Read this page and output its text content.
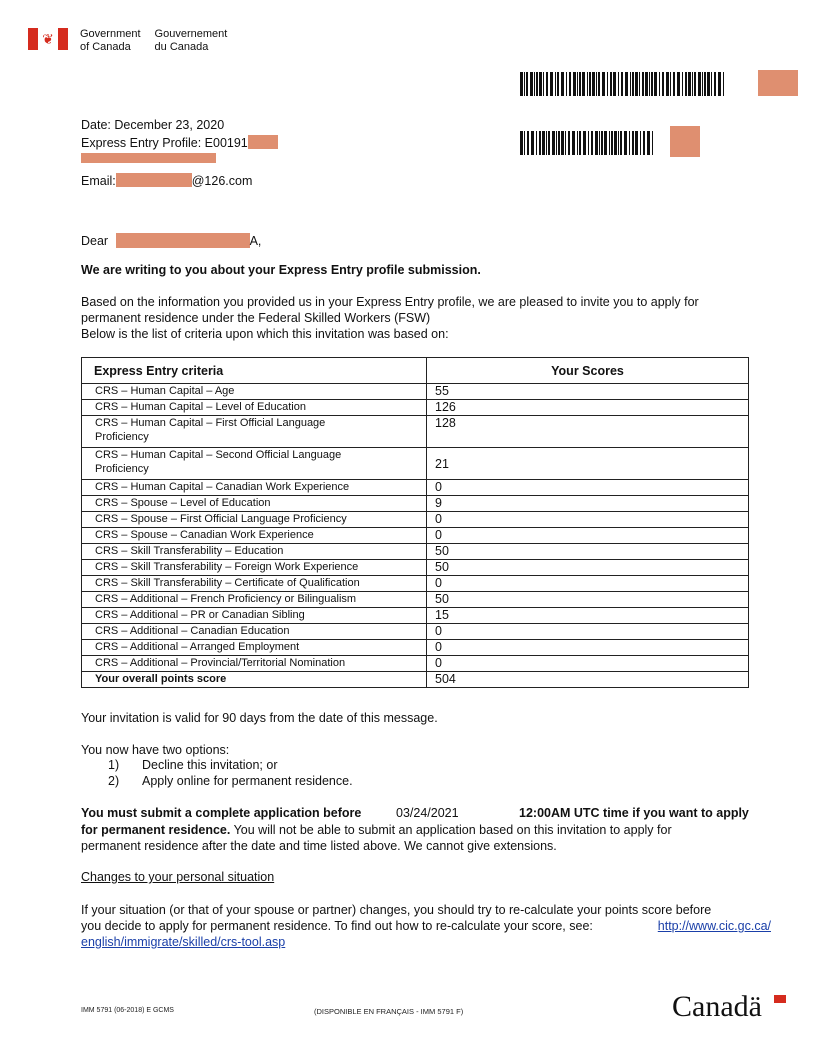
❦	Government
of Canada
Gouvernement
du Canada
Date: December 23, 2020
Express Entry Profile: E00191
Email:	@126.com
Dear	A,
We are writing to you about your Express Entry profile submission.
Based on the information you provided us in your Express Entry profile, we are pleased to invite you to apply for
permanent residence under the Federal Skilled Workers (FSW)
Below is the list of criteria upon which this invitation was based on:
Express Entry criteria	Your Scores
CRS – Human Capital – Age	55
CRS – Human Capital – Level of Education	126
CRS – Human Capital – First Official Language Proficiency	128
CRS – Human Capital – Second Official Language Proficiency	21
CRS – Human Capital – Canadian Work Experience	0
CRS – Spouse – Level of Education	9
CRS – Spouse – First Official Language Proficiency	0
CRS – Spouse – Canadian Work Experience	0
CRS – Skill Transferability – Education	50
CRS – Skill Transferability – Foreign Work Experience	50
CRS – Skill Transferability – Certificate of Qualification	0
CRS – Additional – French Proficiency or Bilingualism	50
CRS – Additional – PR or Canadian Sibling	15
CRS – Additional – Canadian Education	0
CRS – Additional – Arranged Employment	0
CRS – Additional – Provincial/Territorial Nomination	0
Your overall points score	504
Your invitation is valid for 90 days from the date of this message.
You now have two options:
1) Decline this invitation; or
2) Apply online for permanent residence.
You must submit a complete application before	03/24/2021	12:00AM UTC time if you want to apply
for permanent residence. You will not be able to submit an application based on this invitation to apply for
permanent residence after the date and time listed above. We cannot give extensions.
Changes to your personal situation
If your situation (or that of your spouse or partner) changes, you should try to re-calculate your points score before
you decide to apply for permanent residence. To find out how to re-calculate your score, see:	http://www.cic.gc.ca/
english/immigrate/skilled/crs-tool.asp
IMM 5791 (06-2018) E GCMS	(DISPONIBLE EN FRANÇAIS - IMM 5791 F)	Canadä
